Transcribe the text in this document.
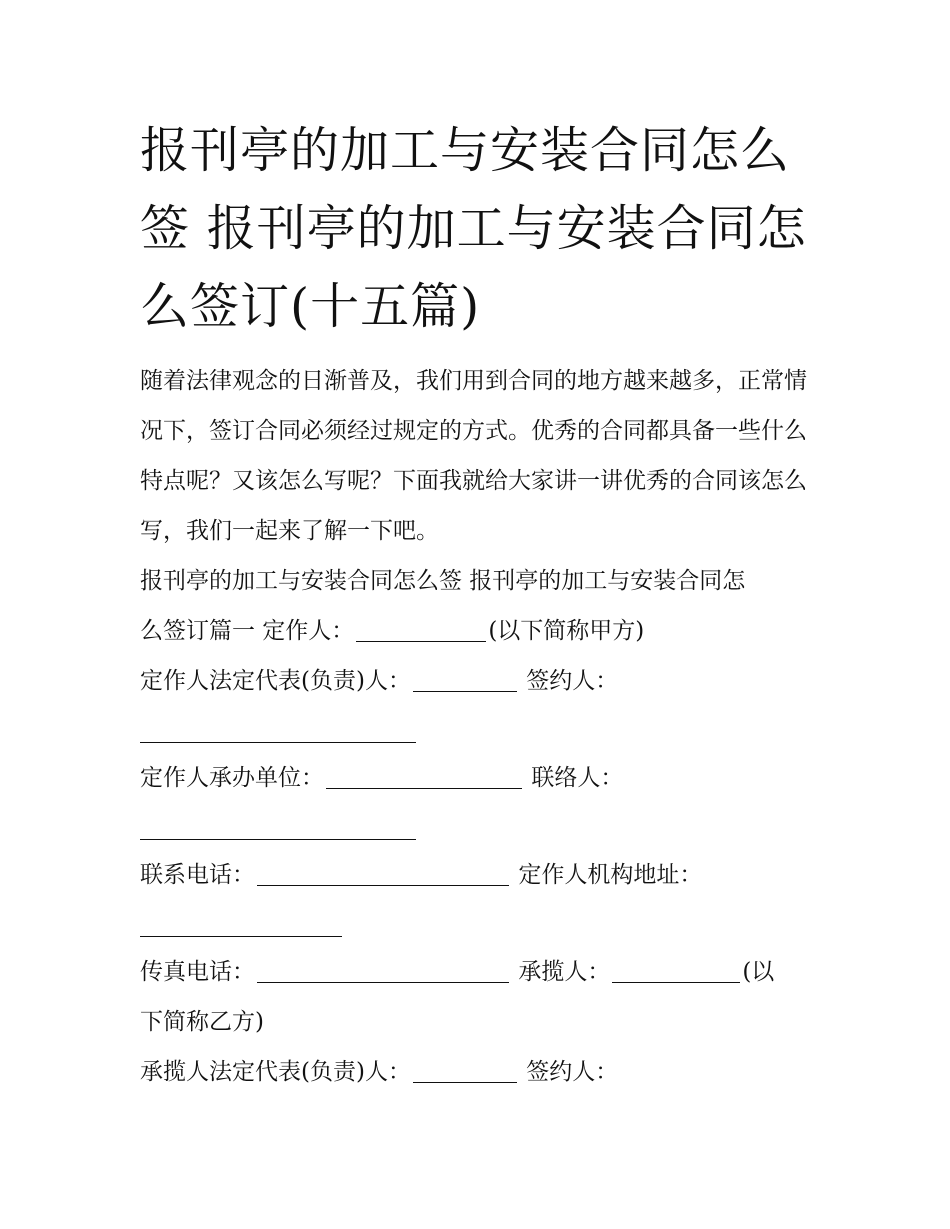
报刊亭的加工与安装合同怎么
签 报刊亭的加工与安装合同怎
么签订(十五篇)

随着法律观念的日渐普及，我们用到合同的地方越来越多，正常情况下，签订合同必须经过规定的方式。优秀的合同都具备一些什么特点呢？又该怎么写呢？下面我就给大家讲一讲优秀的合同该怎么写，我们一起来了解一下吧。

报刊亭的加工与安装合同怎么签 报刊亭的加工与安装合同怎
么签订篇一 定作人：	(以下简称甲方)

定作人法定代表(负责)人：	签约人：

定作人承办单位：	联络人：

联系电话：	定作人机构地址：

传真电话：	承揽人：	(以
下简称乙方)

承揽人法定代表(负责)人：	签约人：
